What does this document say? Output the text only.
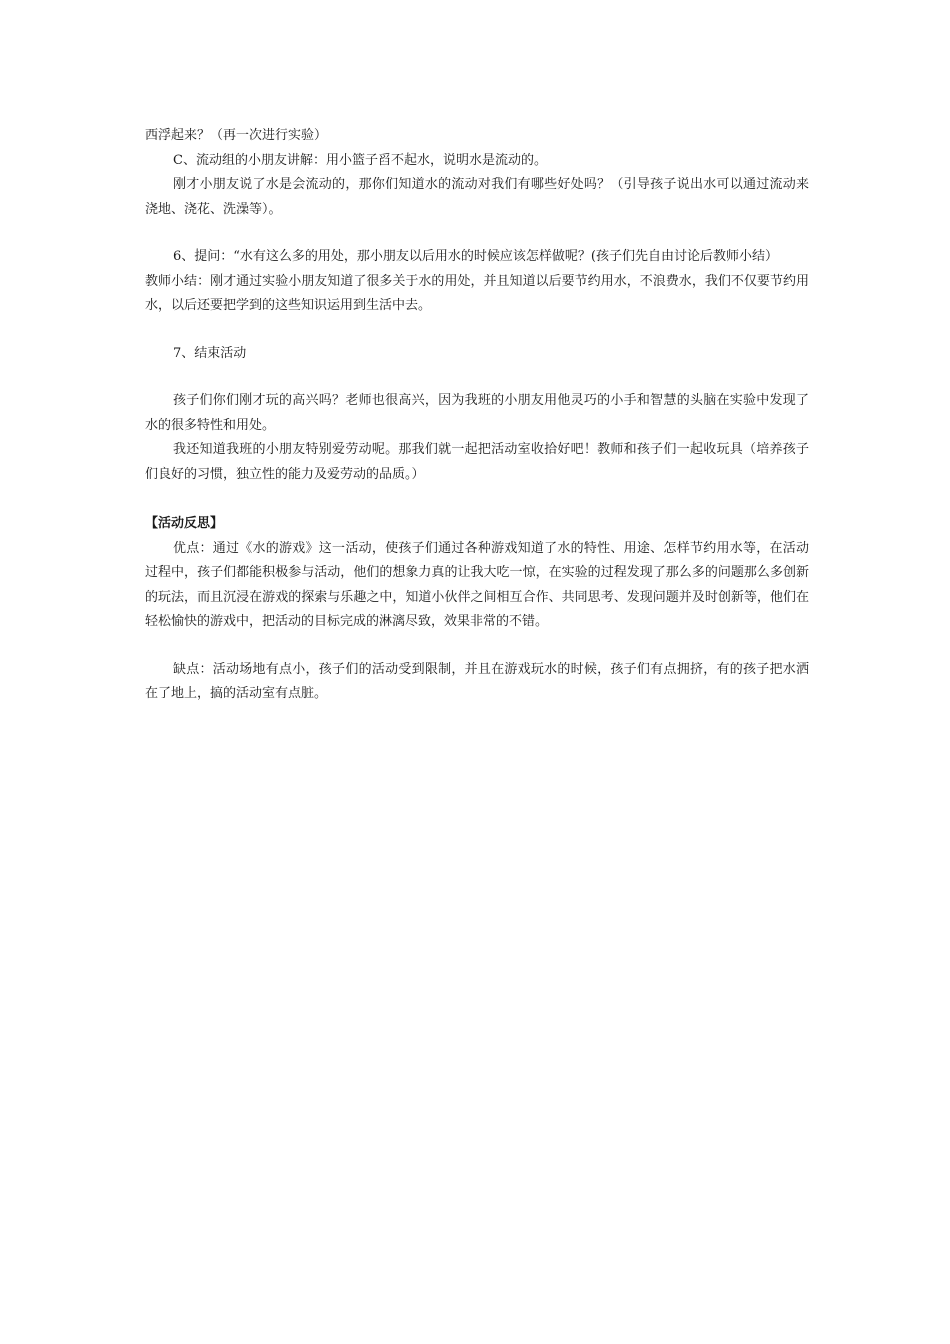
西浮起来？（再一次进行实验）

C、流动组的小朋友讲解：用小篮子舀不起水，说明水是流动的。

刚才小朋友说了水是会流动的，那你们知道水的流动对我们有哪些好处吗？（引导孩子说出水可以通过流动来浇地、浇花、洗澡等）。

6、提问：“水有这么多的用处，那小朋友以后用水的时候应该怎样做呢？(孩子们先自由讨论后教师小结）

教师小结：刚才通过实验小朋友知道了很多关于水的用处，并且知道以后要节约用水，不浪费水，我们不仅要节约用水，以后还要把学到的这些知识运用到生活中去。

7、结束活动

孩子们你们刚才玩的高兴吗？老师也很高兴，因为我班的小朋友用他灵巧的小手和智慧的头脑在实验中发现了水的很多特性和用处。

我还知道我班的小朋友特别爱劳动呢。那我们就一起把活动室收拾好吧！教师和孩子们一起收玩具（培养孩子们良好的习惯，独立性的能力及爱劳动的品质。）

【活动反思】

优点：通过《水的游戏》这一活动，使孩子们通过各种游戏知道了水的特性、用途、怎样节约用水等，在活动过程中，孩子们都能积极参与活动，他们的想象力真的让我大吃一惊，在实验的过程发现了那么多的问题那么多创新的玩法，而且沉浸在游戏的探索与乐趣之中，知道小伙伴之间相互合作、共同思考、发现问题并及时创新等，他们在轻松愉快的游戏中，把活动的目标完成的淋漓尽致，效果非常的不错。

缺点：活动场地有点小，孩子们的活动受到限制，并且在游戏玩水的时候，孩子们有点拥挤，有的孩子把水洒在了地上，搞的活动室有点脏。
